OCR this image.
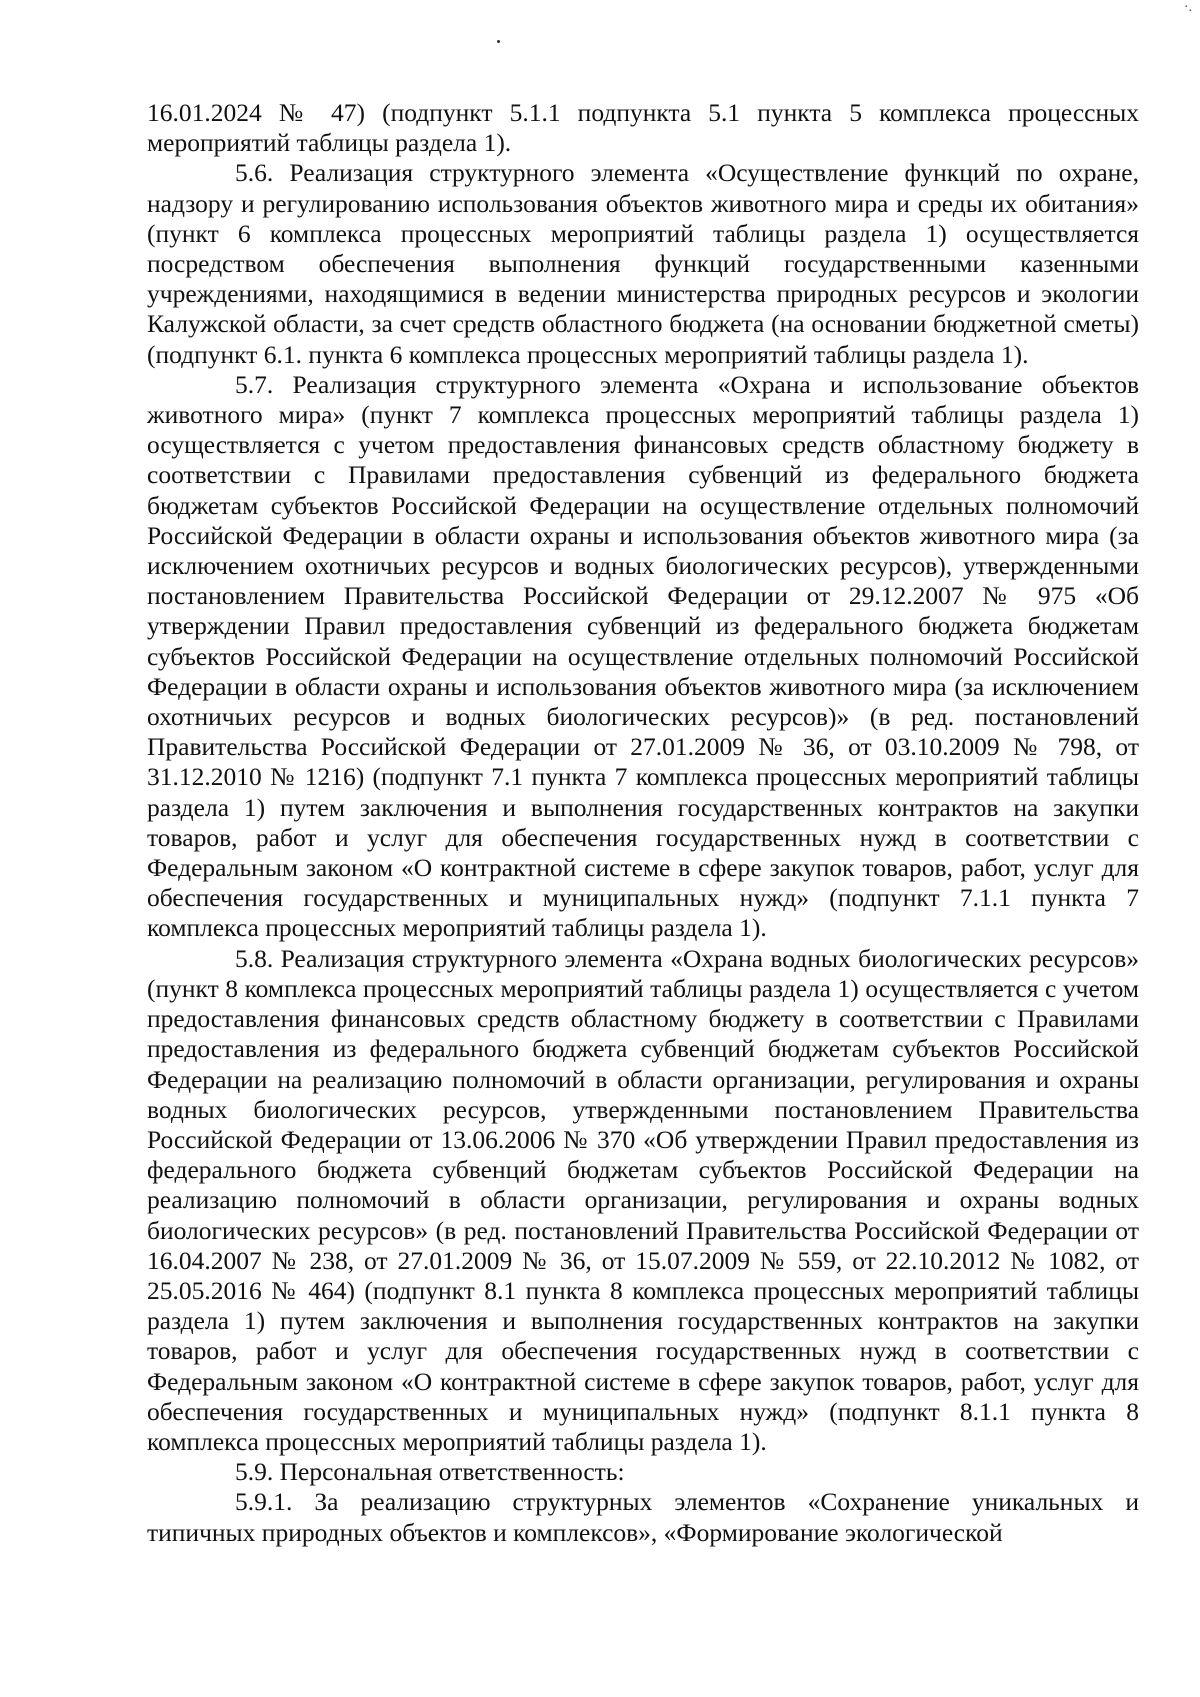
·.

16.01.2024 № 47) (подпункт 5.1.1 подпункта 5.1 пункта 5 комплекса процессных мероприятий таблицы раздела 1).

5.6. Реализация структурного элемента «Осуществление функций по охране, надзору и регулированию использования объектов животного мира и среды их обитания» (пункт 6 комплекса процессных мероприятий таблицы раздела 1) осуществляется посредством обеспечения выполнения функций государственными казенными учреждениями, находящимися в ведении министерства природных ресурсов и экологии Калужской области, за счет средств областного бюджета (на основании бюджетной сметы) (подпункт 6.1. пункта 6 комплекса процессных мероприятий таблицы раздела 1).

5.7. Реализация структурного элемента «Охрана и использование объектов животного мира» (пункт 7 комплекса процессных мероприятий таблицы раздела 1) осуществляется с учетом предоставления финансовых средств областному бюджету в соответствии с Правилами предоставления субвенций из федерального бюджета бюджетам субъектов Российской Федерации на осуществление отдельных полномочий Российской Федерации в области охраны и использования объектов животного мира (за исключением охотничьих ресурсов и водных биологических ресурсов), утвержденными постановлением Правительства Российской Федерации от 29.12.2007 № 975 «Об утверждении Правил предоставления субвенций из федерального бюджета бюджетам субъектов Российской Федерации на осуществление отдельных полномочий Российской Федерации в области охраны и использования объектов животного мира (за исключением охотничьих ресурсов и водных биологических ресурсов)» (в ред. постановлений Правительства Российской Федерации от 27.01.2009 № 36, от 03.10.2009 № 798, от 31.12.2010 № 1216) (подпункт 7.1 пункта 7 комплекса процессных мероприятий таблицы раздела 1) путем заключения и выполнения государственных контрактов на закупки товаров, работ и услуг для обеспечения государственных нужд в соответствии с Федеральным законом «О контрактной системе в сфере закупок товаров, работ, услуг для обеспечения государственных и муниципальных нужд» (подпункт 7.1.1 пункта 7 комплекса процессных мероприятий таблицы раздела 1).

5.8. Реализация структурного элемента «Охрана водных биологических ресурсов» (пункт 8 комплекса процессных мероприятий таблицы раздела 1) осуществляется с учетом предоставления финансовых средств областному бюджету в соответствии с Правилами предоставления из федерального бюджета субвенций бюджетам субъектов Российской Федерации на реализацию полномочий в области организации, регулирования и охраны водных биологических ресурсов, утвержденными постановлением Правительства Российской Федерации от 13.06.2006 № 370 «Об утверждении Правил предоставления из федерального бюджета субвенций бюджетам субъектов Российской Федерации на реализацию полномочий в области организации, регулирования и охраны водных биологических ресурсов» (в ред. постановлений Правительства Российской Федерации от 16.04.2007 № 238, от 27.01.2009 № 36, от 15.07.2009 № 559, от 22.10.2012 № 1082, от 25.05.2016 № 464) (подпункт 8.1 пункта 8 комплекса процессных мероприятий таблицы раздела 1) путем заключения и выполнения государственных контрактов на закупки товаров, работ и услуг для обеспечения государственных нужд в соответствии с Федеральным законом «О контрактной системе в сфере закупок товаров, работ, услуг для обеспечения государственных и муниципальных нужд» (подпункт 8.1.1 пункта 8 комплекса процессных мероприятий таблицы раздела 1).

5.9. Персональная ответственность:

5.9.1. За реализацию структурных элементов «Сохранение уникальных и типичных природных объектов и комплексов», «Формирование экологической
